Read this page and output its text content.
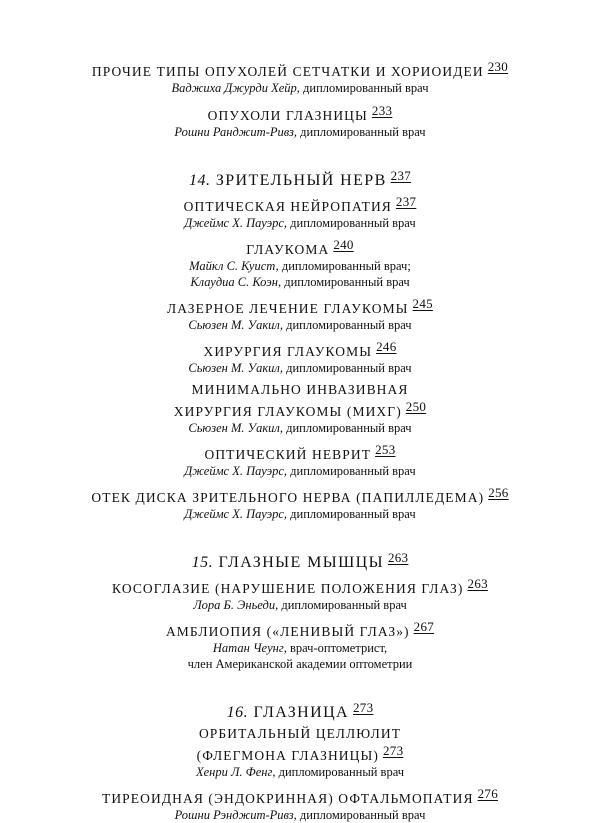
ПРОЧИЕ ТИПЫ ОПУХОЛЕЙ СЕТЧАТКИ И ХОРИОИДЕИ 230
Ваджиха Джурди Хейр, дипломированный врач
ОПУХОЛИ ГЛАЗНИЦЫ 233
Рошни Ранджит-Ривз, дипломированный врач
14. ЗРИТЕЛЬНЫЙ НЕРВ $^{237}$
ОПТИЧЕСКАЯ НЕЙРОПАТИЯ 237
Джеймс Х. Пауэрс, дипломированный врач
ГЛАУКОМА 240
Майкл С. Куист, дипломированный врач;
Клаудиа С. Коэн, дипломированный врач
ЛАЗЕРНОЕ ЛЕЧЕНИЕ ГЛАУКОМЫ 245
Сьюзен М. Уакил, дипломированный врач
ХИРУРГИЯ ГЛАУКОМЫ 246
Сьюзен М. Уакил, дипломированный врач
МИНИМАЛЬНО ИНВАЗИВНАЯ
ХИРУРГИЯ ГЛАУКОМЫ (МИХГ) 250
Сьюзен М. Уакил, дипломированный врач
ОПТИЧЕСКИЙ НЕВРИТ 253
Джеймс Х. Пауэрс, дипломированный врач
ОТЕК ДИСКА ЗРИТЕЛЬНОГО НЕРВА (ПАПИЛЛЕДЕМА) 256
Джеймс Х. Пауэрс, дипломированный врач
15. ГЛАЗНЫЕ МЫШЦЫ $^{263}$
КОСОГЛАЗИЕ (НАРУШЕНИЕ ПОЛОЖЕНИЯ ГЛАЗ) 263
Лора Б. Эньеди, дипломированный врач
АМБЛИОПИЯ («ЛЕНИВЫЙ ГЛАЗ») 267
Натан Чеунг, врач-оптометрист,
член Американской академии оптометрии
16. ГЛАЗНИЦА $^{273}$
ОРБИТАЛЬНЫЙ ЦЕЛЛЮЛИТ
(ФЛЕГМОНА ГЛАЗНИЦЫ) 273
Хенри Л. Фенг, дипломированный врач
ТИРЕОИДНАЯ (ЭНДОКРИННАЯ) ОФТАЛЬМОПАТИЯ 276
Рошни Рэнджит-Ривз, дипломированный врач
